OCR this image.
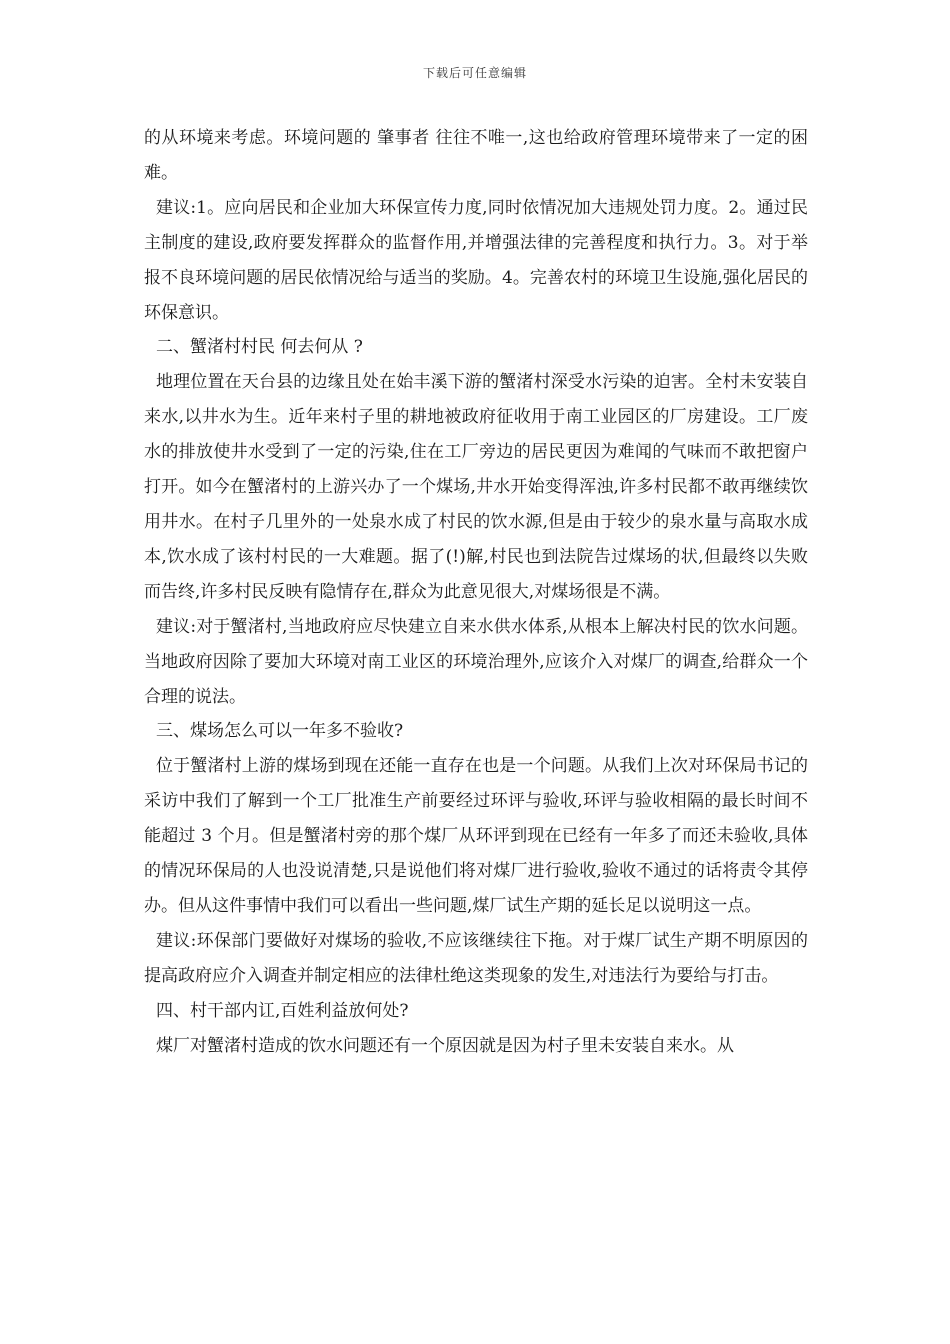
下载后可任意编辑

的从环境来考虑。环境问题的 肇事者 往往不唯一,这也给政府管理环境带来了一定的困难。

建议:1。应向居民和企业加大环保宣传力度,同时依情况加大违规处罚力度。2。通过民主制度的建设,政府要发挥群众的监督作用,并增强法律的完善程度和执行力。3。对于举报不良环境问题的居民依情况给与适当的奖励。4。完善农村的环境卫生设施,强化居民的环保意识。

二、蟹渚村村民 何去何从 ?

地理位置在天台县的边缘且处在始丰溪下游的蟹渚村深受水污染的迫害。全村未安装自来水,以井水为生。近年来村子里的耕地被政府征收用于南工业园区的厂房建设。工厂废水的排放使井水受到了一定的污染,住在工厂旁边的居民更因为难闻的气味而不敢把窗户打开。如今在蟹渚村的上游兴办了一个煤场,井水开始变得浑浊,许多村民都不敢再继续饮用井水。在村子几里外的一处泉水成了村民的饮水源,但是由于较少的泉水量与高取水成本,饮水成了该村村民的一大难题。据了(!)解,村民也到法院告过煤场的状,但最终以失败而告终,许多村民反映有隐情存在,群众为此意见很大,对煤场很是不满。

建议:对于蟹渚村,当地政府应尽快建立自来水供水体系,从根本上解决村民的饮水问题。当地政府因除了要加大环境对南工业区的环境治理外,应该介入对煤厂的调查,给群众一个合理的说法。

三、煤场怎么可以一年多不验收?

位于蟹渚村上游的煤场到现在还能一直存在也是一个问题。从我们上次对环保局书记的采访中我们了解到一个工厂批准生产前要经过环评与验收,环评与验收相隔的最长时间不能超过 3 个月。但是蟹渚村旁的那个煤厂从环评到现在已经有一年多了而还未验收,具体的情况环保局的人也没说清楚,只是说他们将对煤厂进行验收,验收不通过的话将责令其停办。但从这件事情中我们可以看出一些问题,煤厂试生产期的延长足以说明这一点。

建议:环保部门要做好对煤场的验收,不应该继续往下拖。对于煤厂试生产期不明原因的提高政府应介入调查并制定相应的法律杜绝这类现象的发生,对违法行为要给与打击。

四、村干部内讧,百姓利益放何处?

煤厂对蟹渚村造成的饮水问题还有一个原因就是因为村子里未安装自来水。从
